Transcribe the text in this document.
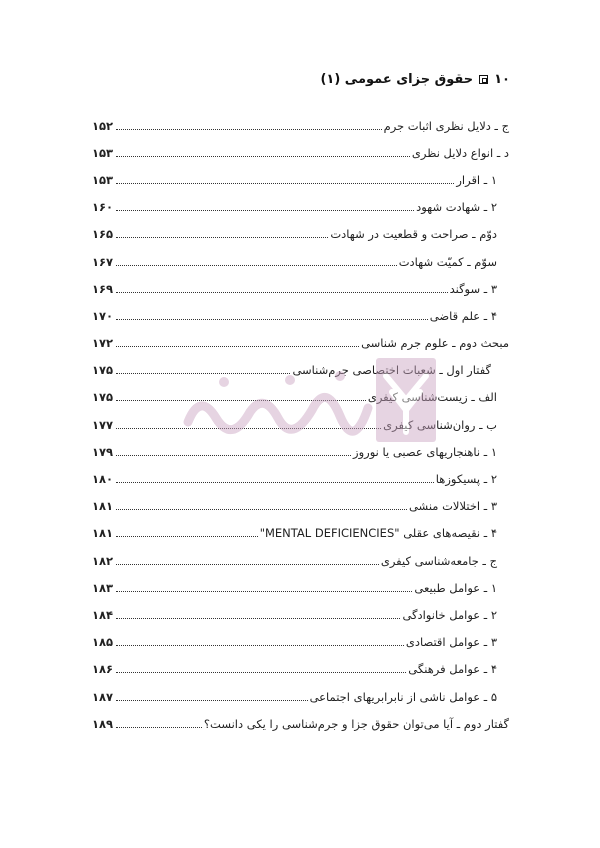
۱۰
حقوق جزای عمومی (۱)
ج ـ دلایل نظری اثبات جرم
۱۵۲
د ـ انواع دلایل نظری
۱۵۳
۱ ـ اقرار
۱۵۳
۲ ـ شهادت شهود
۱۶۰
دوّم ـ صراحت و قطعیت در شهادت
۱۶۵
سوّم ـ کمیّت شهادت
۱۶۷
۳ ـ سوگند
۱۶۹
۴ ـ علم قاضی
۱۷۰
مبحث دوم ـ علوم جرم شناسی
۱۷۲
گفتار اول ـ شعبات اختصاصی جرم‌شناسی
۱۷۵
الف ـ زیست‌شناسی کیفری
۱۷۵
ب ـ روان‌شناسی کیفری
۱۷۷
۱ ـ ناهنجاریهای عصبی یا نوروز
۱۷۹
۲ ـ پسیکوزها
۱۸۰
۳ ـ اختلالات منشی
۱۸۱
۴ ـ نقیصه‌های عقلی "MENTAL DEFICIENCIES"
۱۸۱
ج ـ جامعه‌شناسی کیفری
۱۸۲
۱ ـ عوامل طبیعی
۱۸۳
۲ ـ عوامل خانوادگی
۱۸۴
۳ ـ عوامل اقتصادی
۱۸۵
۴ ـ عوامل فرهنگی
۱۸۶
۵ ـ عوامل ناشی از نابرابریهای اجتماعی
۱۸۷
گفتار دوم ـ آیا می‌توان حقوق جزا و جرم‌شناسی را یکی دانست؟
۱۸۹
